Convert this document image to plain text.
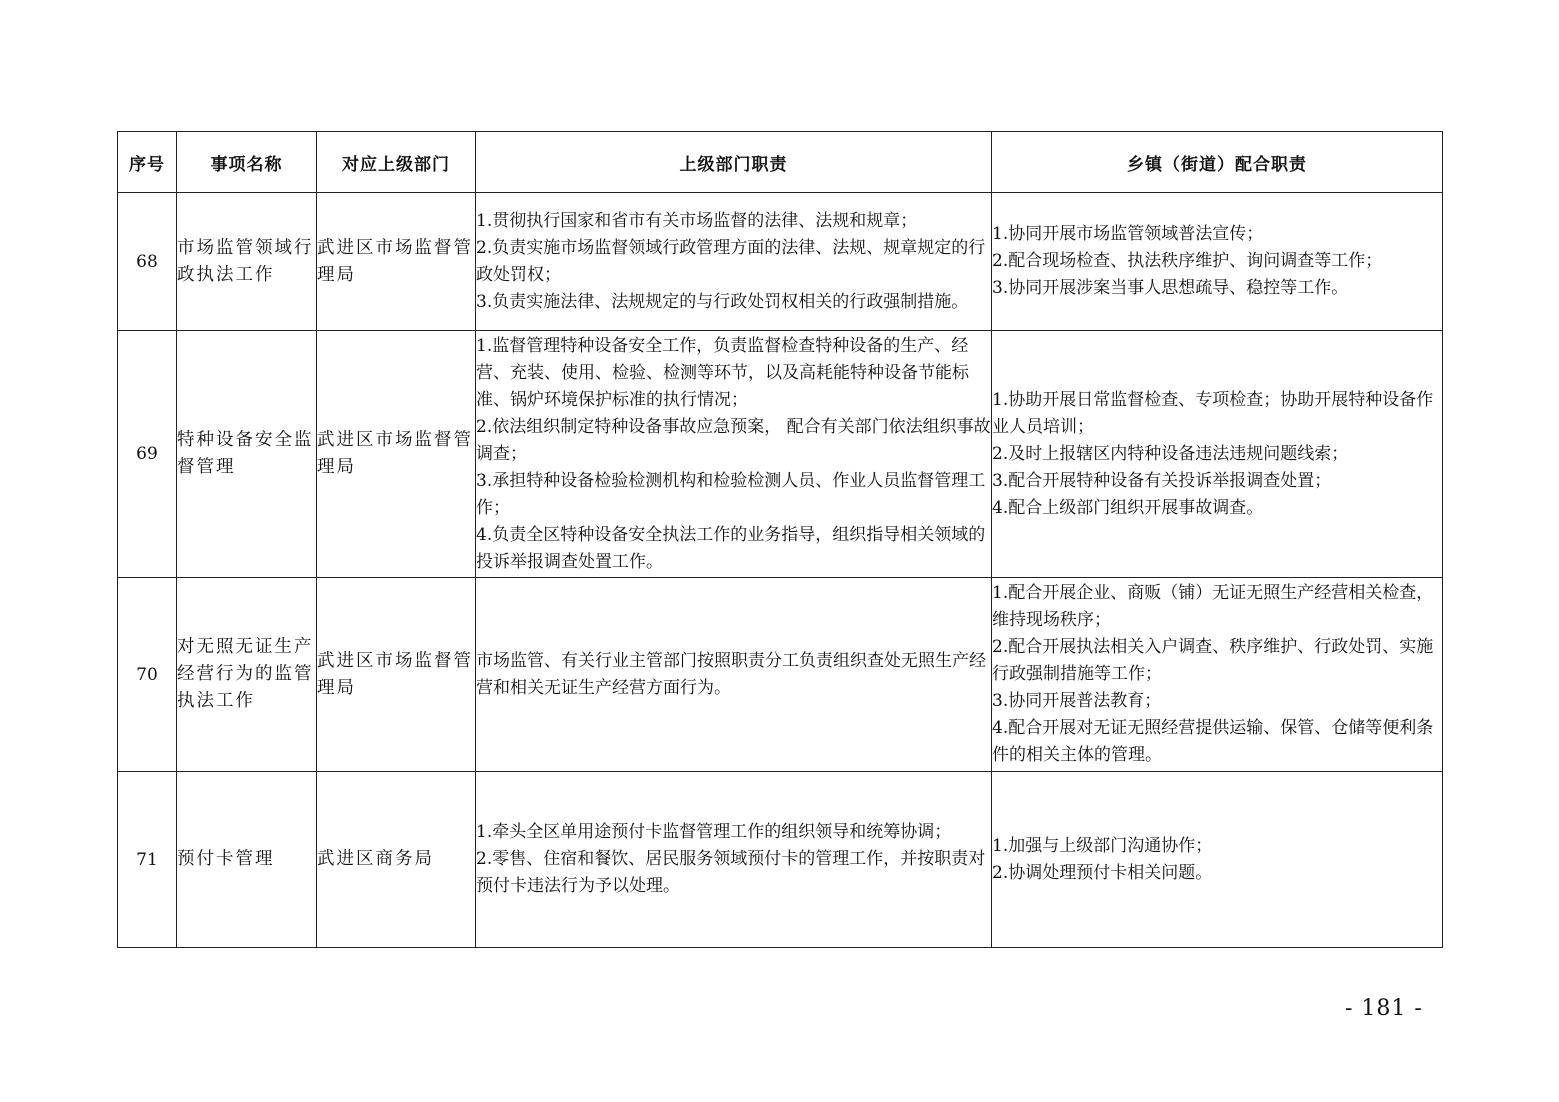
序号	事项名称	对应上级部门	上级部门职责	乡镇（街道）配合职责
68	市场监管领域行政执法工作	武进区市场监督管理局	1.贯彻执行国家和省市有关市场监督的法律、法规和规章；
2.负责实施市场监督领域行政管理方面的法律、法规、规章规定的行政处罚权；
3.负责实施法律、法规规定的与行政处罚权相关的行政强制措施。	1.协同开展市场监管领域普法宣传；
2.配合现场检查、执法秩序维护、询问调查等工作；
3.协同开展涉案当事人思想疏导、稳控等工作。

69	特种设备安全监督管理	武进区市场监督管理局	1.监督管理特种设备安全工作，负责监督检查特种设备的生产、经营、充装、使用、检验、检测等环节，以及高耗能特种设备节能标准、锅炉环境保护标准的执行情况；
2.依法组织制定特种设备事故应急预案， 配合有关部门依法组织事故调查；
3.承担特种设备检验检测机构和检验检测人员、作业人员监督管理工作；
4.负责全区特种设备安全执法工作的业务指导，组织指导相关领域的投诉举报调查处置工作。	1.协助开展日常监督检查、专项检查；协助开展特种设备作业人员培训；
2.及时上报辖区内特种设备违法违规问题线索；
3.配合开展特种设备有关投诉举报调查处置；
4.配合上级部门组织开展事故调查。

70	对无照无证生产经营行为的监管执法工作	武进区市场监督管理局	市场监管、有关行业主管部门按照职责分工负责组织查处无照生产经营和相关无证生产经营方面行为。	1.配合开展企业、商贩（铺）无证无照生产经营相关检查，维持现场秩序；
2.配合开展执法相关入户调查、秩序维护、行政处罚、实施行政强制措施等工作；
3.协同开展普法教育；
4.配合开展对无证无照经营提供运输、保管、仓储等便利条件的相关主体的管理。

71	预付卡管理	武进区商务局	1.牵头全区单用途预付卡监督管理工作的组织领导和统筹协调；
2.零售、住宿和餐饮、居民服务领域预付卡的管理工作，并按职责对预付卡违法行为予以处理。	1.加强与上级部门沟通协作；
2.协调处理预付卡相关问题。
- 181 -
